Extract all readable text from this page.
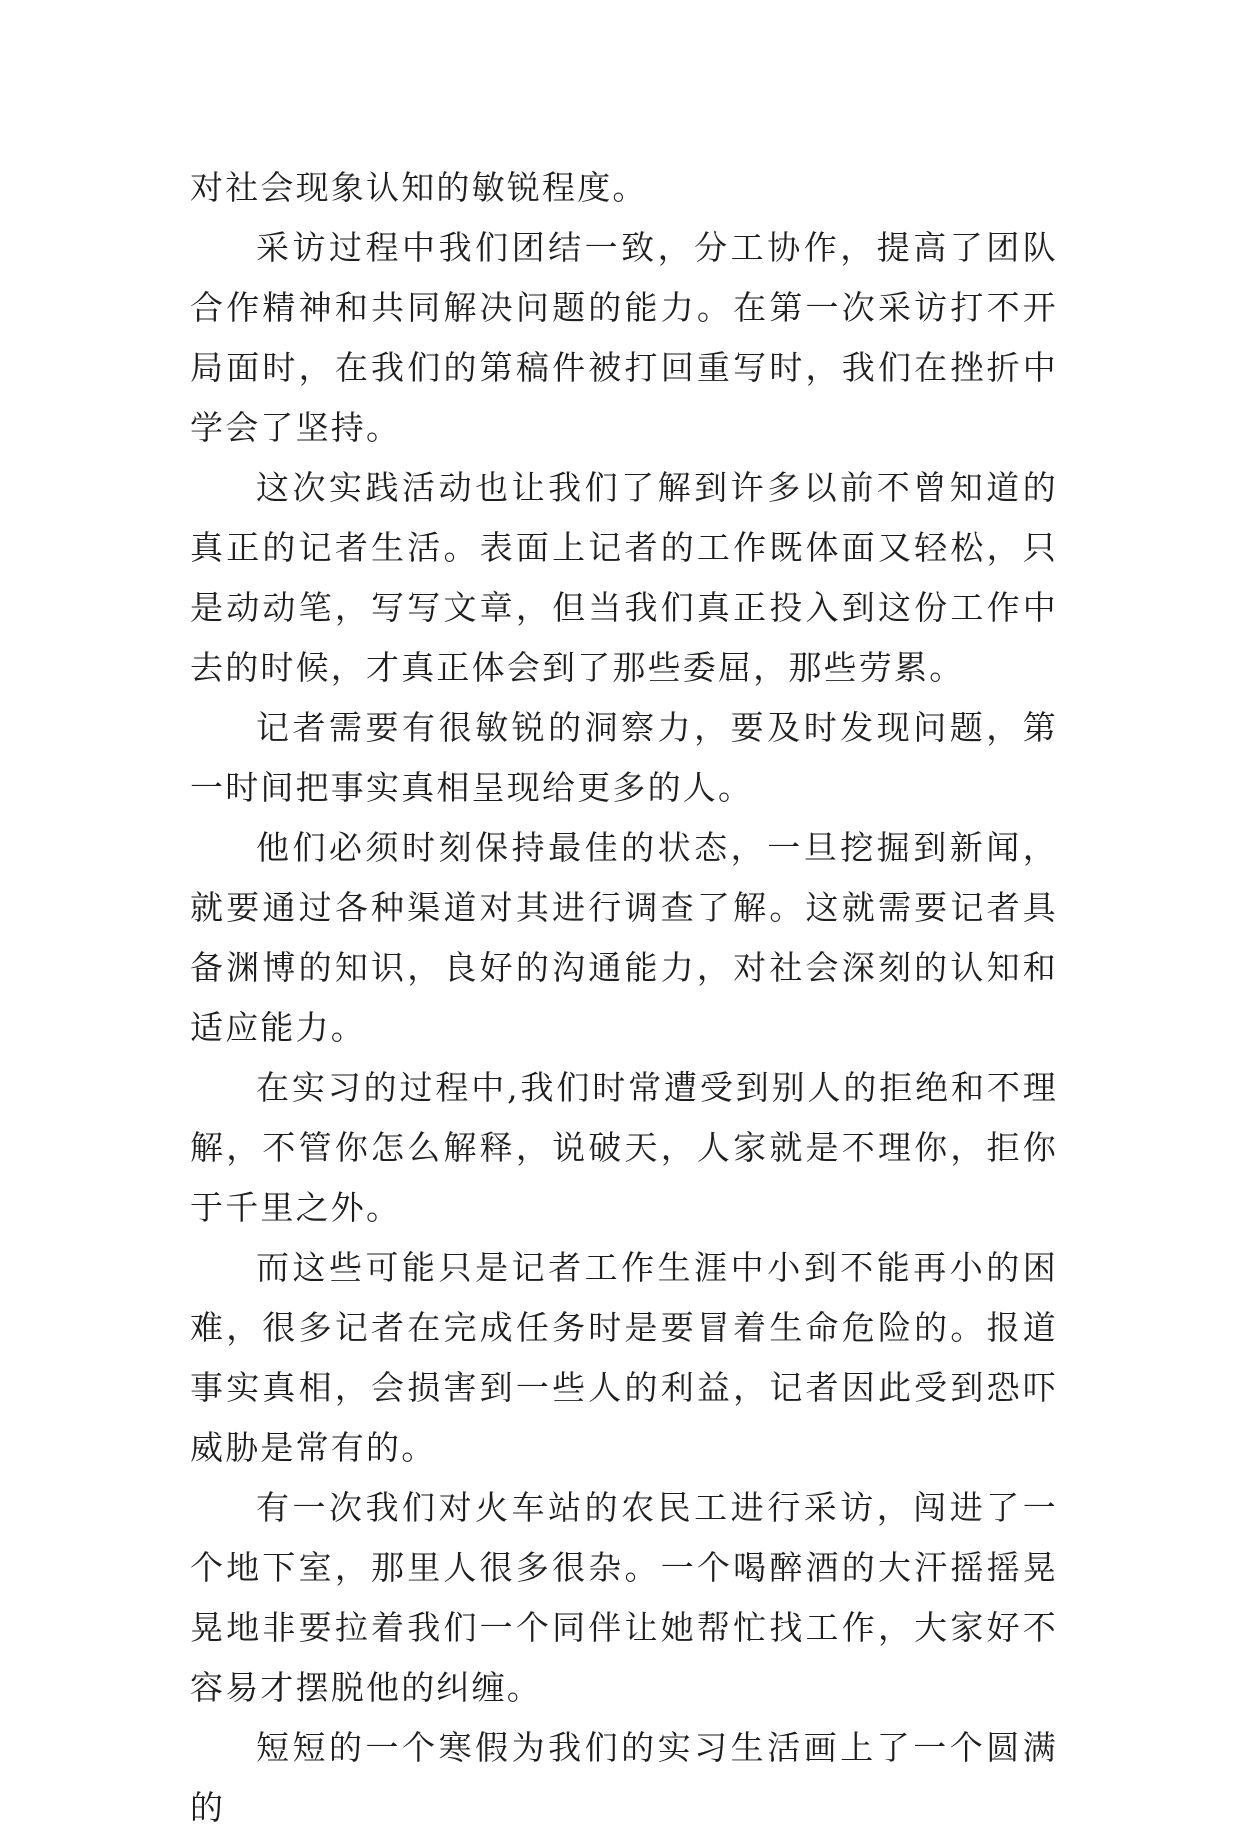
对社会现象认知的敏锐程度。

采访过程中我们团结一致，分工协作，提高了团队合作精神和共同解决问题的能力。在第一次采访打不开局面时，在我们的第稿件被打回重写时，我们在挫折中学会了坚持。

这次实践活动也让我们了解到许多以前不曾知道的真正的记者生活。表面上记者的工作既体面又轻松，只是动动笔，写写文章，但当我们真正投入到这份工作中去的时候，才真正体会到了那些委屈，那些劳累。

记者需要有很敏锐的洞察力，要及时发现问题，第一时间把事实真相呈现给更多的人。

他们必须时刻保持最佳的状态，一旦挖掘到新闻，就要通过各种渠道对其进行调查了解。这就需要记者具备渊博的知识，良好的沟通能力，对社会深刻的认知和适应能力。

在实习的过程中,我们时常遭受到别人的拒绝和不理解，不管你怎么解释，说破天，人家就是不理你，拒你于千里之外。

而这些可能只是记者工作生涯中小到不能再小的困难，很多记者在完成任务时是要冒着生命危险的。报道事实真相，会损害到一些人的利益，记者因此受到恐吓威胁是常有的。

有一次我们对火车站的农民工进行采访，闯进了一个地下室，那里人很多很杂。一个喝醉酒的大汗摇摇晃晃地非要拉着我们一个同伴让她帮忙找工作，大家好不容易才摆脱他的纠缠。

短短的一个寒假为我们的实习生活画上了一个圆满的
